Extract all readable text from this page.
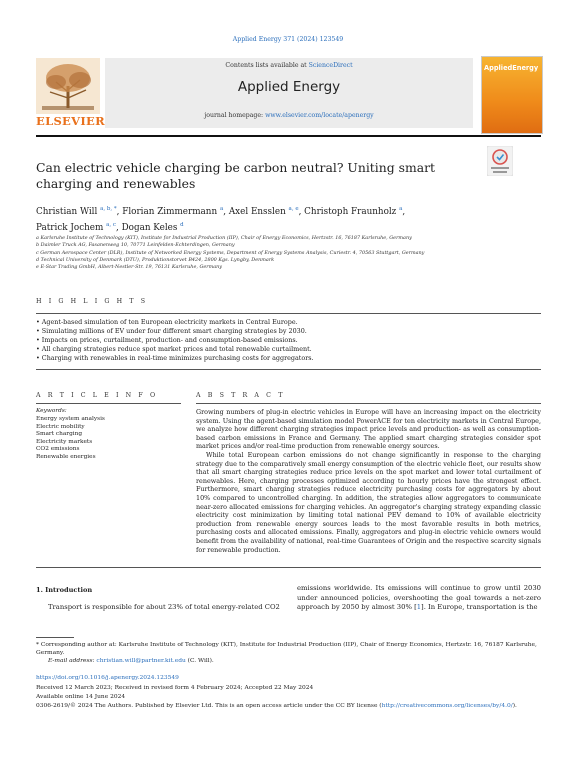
Applied Energy 371 (2024) 123549
ELSEVIER
Contents lists available at ScienceDirect
Applied Energy
journal homepage: www.elsevier.com/locate/apenergy
AppliedEnergy
Can electric vehicle charging be carbon neutral? Uniting smart charging and renewables
Christian Will $^{a, b, *}$, Florian Zimmermann $^a$, Axel Ensslen $^{a, e}$, Christoph Fraunholz $^a$,
Patrick Jochem $^{a, c}$, Dogan Keles $^d$
a Karlsruhe Institute of Technology (KIT), Institute for Industrial Production (IIP), Chair of Energy Economics, Hertzstr. 16, 76187 Karlsruhe, Germany
b Daimler Truck AG, Fasanenweg 10, 70771 Leinfelden-Echterdingen, Germany
c German Aerospace Center (DLR), Institute of Networked Energy Systems, Department of Energy Systems Analysis, Curiestr. 4, 70563 Stuttgart, Germany
d Technical University of Denmark (DTU), Produktionstorvet B424, 2800 Kgs. Lyngby, Denmark
e E-Star Trading GmbH, Albert-Nestler-Str. 19, 76131 Karlsruhe, Germany
H I G H L I G H T S
• Agent-based simulation of ten European electricity markets in Central Europe.
• Simulating millions of EV under four different smart charging strategies by 2030.
• Impacts on prices, curtailment, production- and consumption-based emissions.
• All charging strategies reduce spot market prices and total renewable curtailment.
• Charging with renewables in real-time minimizes purchasing costs for aggregators.
A R T I C L E I N F O	A B S T R A C T
Keywords:
Energy system analysis
Electric mobility
Smart charging
Electricity markets
CO2 emissions
Renewable energies

Growing numbers of plug-in electric vehicles in Europe will have an increasing impact on the electricity system. Using the agent-based simulation model PowerACE for ten electricity markets in Central Europe, we analyze how different charging strategies impact price levels and production- as well as consumption-based carbon emissions in France and Germany. The applied smart charging strategies consider spot market prices and/or real-time production from renewable energy sources.

While total European carbon emissions do not change significantly in response to the charging strategy due to the comparatively small energy consumption of the electric vehicle fleet, our results show that all smart charging strategies reduce price levels on the spot market and lower total curtailment of renewables. Here, charging processes optimized according to hourly prices have the strongest effect. Furthermore, smart charging strategies reduce electricity purchasing costs for aggregators by about 10% compared to uncontrolled charging. In addition, the strategies allow aggregators to communicate near-zero allocated emissions for charging vehicles. An aggregator's charging strategy expanding classic electricity cost minimization by limiting total national PEV demand to 10% of available electricity production from renewable energy sources leads to the most favorable results in both metrics, purchasing costs and allocated emissions. Finally, aggregators and plug-in electric vehicle owners would benefit from the availability of national, real-time Guarantees of Origin and the respective scarcity signals for renewable production.

1. Introduction
Transport is responsible for about 23% of total energy-related CO2
emissions worldwide. Its emissions will continue to grow until 2030 under announced policies, overshooting the goal towards a net-zero approach by 2050 by almost 30% [1]. In Europe, transportation is the
* Corresponding author at: Karlsruhe Institute of Technology (KIT), Institute for Industrial Production (IIP), Chair of Energy Economics, Hertzstr. 16, 76187 Karlsruhe, Germany.
E-mail address: christian.will@partner.kit.edu (C. Will).
https://doi.org/10.1016/j.apenergy.2024.123549
Received 12 March 2023; Received in revised form 4 February 2024; Accepted 22 May 2024
Available online 14 June 2024
0306-2619/© 2024 The Authors. Published by Elsevier Ltd. This is an open access article under the CC BY license (http://creativecommons.org/licenses/by/4.0/).
